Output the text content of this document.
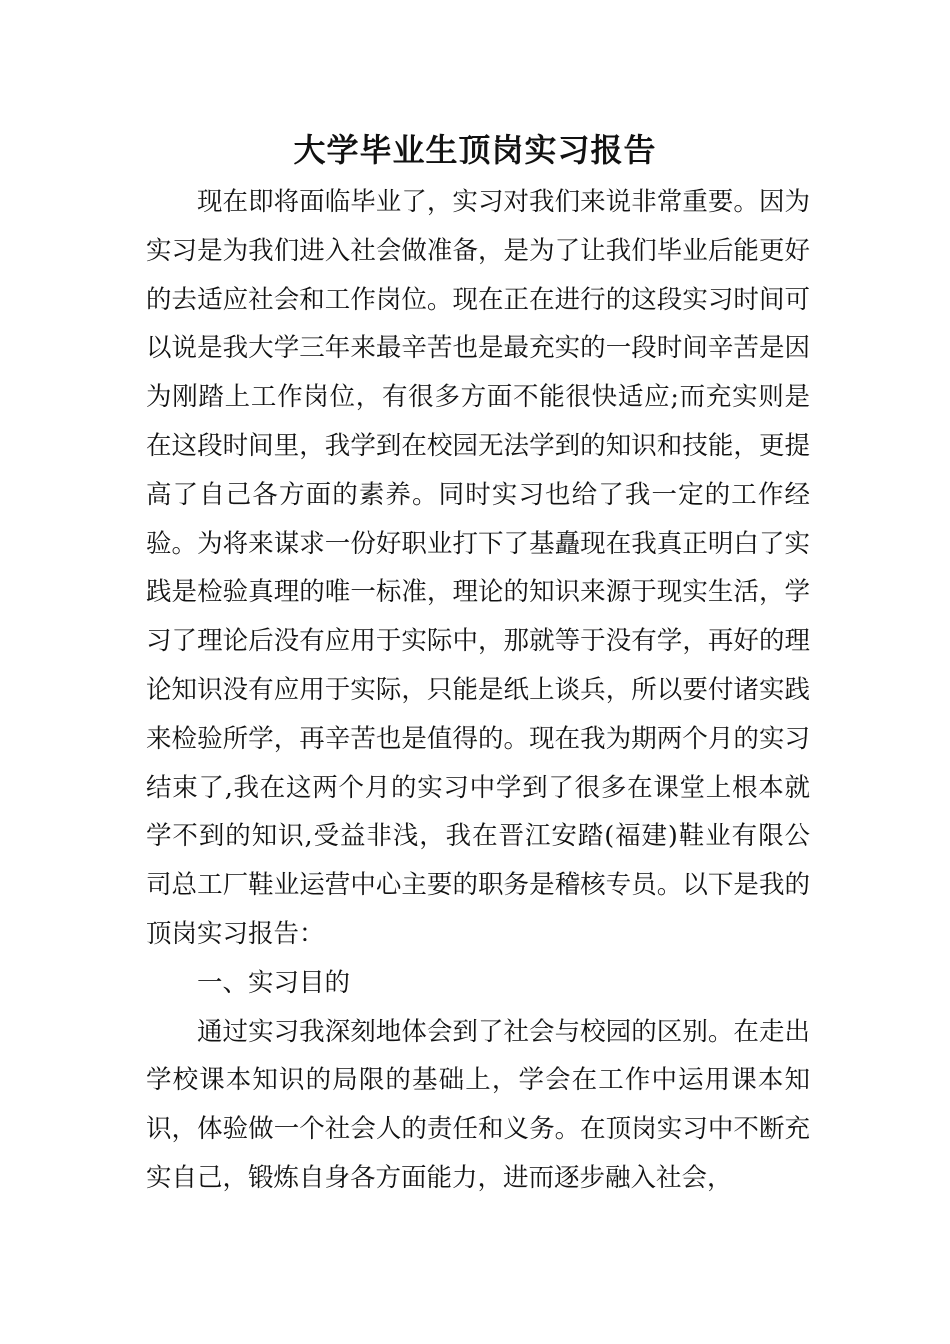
大学毕业生顶岗实习报告

现在即将面临毕业了，实习对我们来说非常重要。因为实习是为我们进入社会做准备，是为了让我们毕业后能更好的去适应社会和工作岗位。现在正在进行的这段实习时间可以说是我大学三年来最辛苦也是最充实的一段时间辛苦是因为刚踏上工作岗位，有很多方面不能很快适应;而充实则是在这段时间里，我学到在校园无法学到的知识和技能，更提高了自己各方面的素养。同时实习也给了我一定的工作经验。为将来谋求一份好职业打下了基矗现在我真正明白了实践是检验真理的唯一标准，理论的知识来源于现实生活，学习了理论后没有应用于实际中，那就等于没有学，再好的理论知识没有应用于实际，只能是纸上谈兵，所以要付诸实践来检验所学，再辛苦也是值得的。现在我为期两个月的实习结束了,我在这两个月的实习中学到了很多在课堂上根本就学不到的知识,受益非浅，我在晋江安踏(福建)鞋业有限公司总工厂鞋业运营中心主要的职务是稽核专员。以下是我的顶岗实习报告：

一、实习目的

通过实习我深刻地体会到了社会与校园的区别。在走出学校课本知识的局限的基础上，学会在工作中运用课本知识，体验做一个社会人的责任和义务。在顶岗实习中不断充实自己，锻炼自身各方面能力，进而逐步融入社会，
